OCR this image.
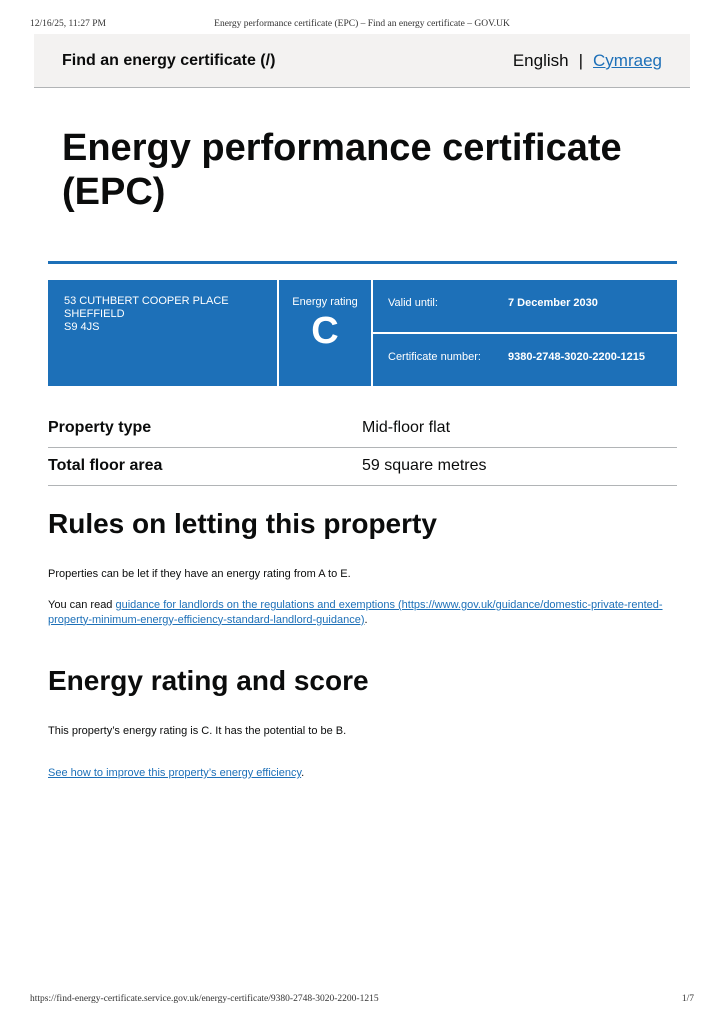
12/16/25, 11:27 PM	Energy performance certificate (EPC) – Find an energy certificate – GOV.UK
Find an energy certificate (/)	English | Cymraeg
Energy performance certificate (EPC)
53 CUTHBERT COOPER PLACE
SHEFFIELD
S9 4JS
Energy rating
C
Valid until:	7 December 2030
Certificate number:	9380-2748-3020-2200-1215
Property type	Mid-floor flat
Total floor area	59 square metres
Rules on letting this property

Properties can be let if they have an energy rating from A to E.

You can read guidance for landlords on the regulations and exemptions (https://www.gov.uk/guidance/domestic-private-rented-property-minimum-energy-efficiency-standard-landlord-guidance).

Energy rating and score

This property’s energy rating is C. It has the potential to be B.

See how to improve this property’s energy efficiency.

https://find-energy-certificate.service.gov.uk/energy-certificate/9380-2748-3020-2200-1215	1/7
